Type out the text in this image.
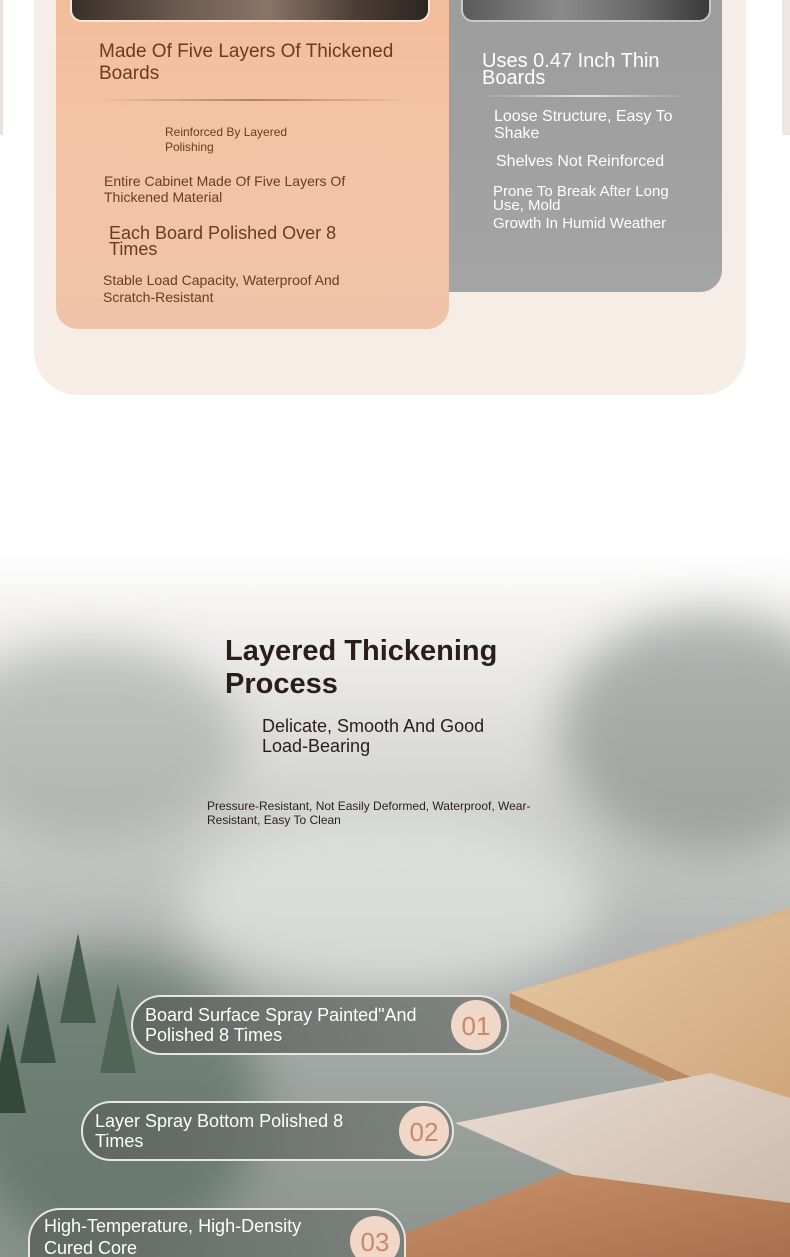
Made Of Five Layers Of Thickened Boards
Reinforced By Layered Polishing
Entire Cabinet Made Of Five Layers Of Thickened Material
Each Board Polished Over 8 Times
Stable Load Capacity, Waterproof And Scratch-Resistant
Uses 0.47 Inch Thin Boards
Loose Structure, Easy To Shake
Shelves Not Reinforced
Prone To Break After Long Use, Mold
Growth In Humid Weather
Layered Thickening Process
Delicate, Smooth And Good Load-Bearing
Pressure-Resistant, Not Easily Deformed, Waterproof, Wear-Resistant, Easy To Clean
Board Surface Spray Painted"And Polished 8 Times	01
Layer Spray Bottom Polished 8 Times	02
High-Temperature, High-Density Cured Core	03
